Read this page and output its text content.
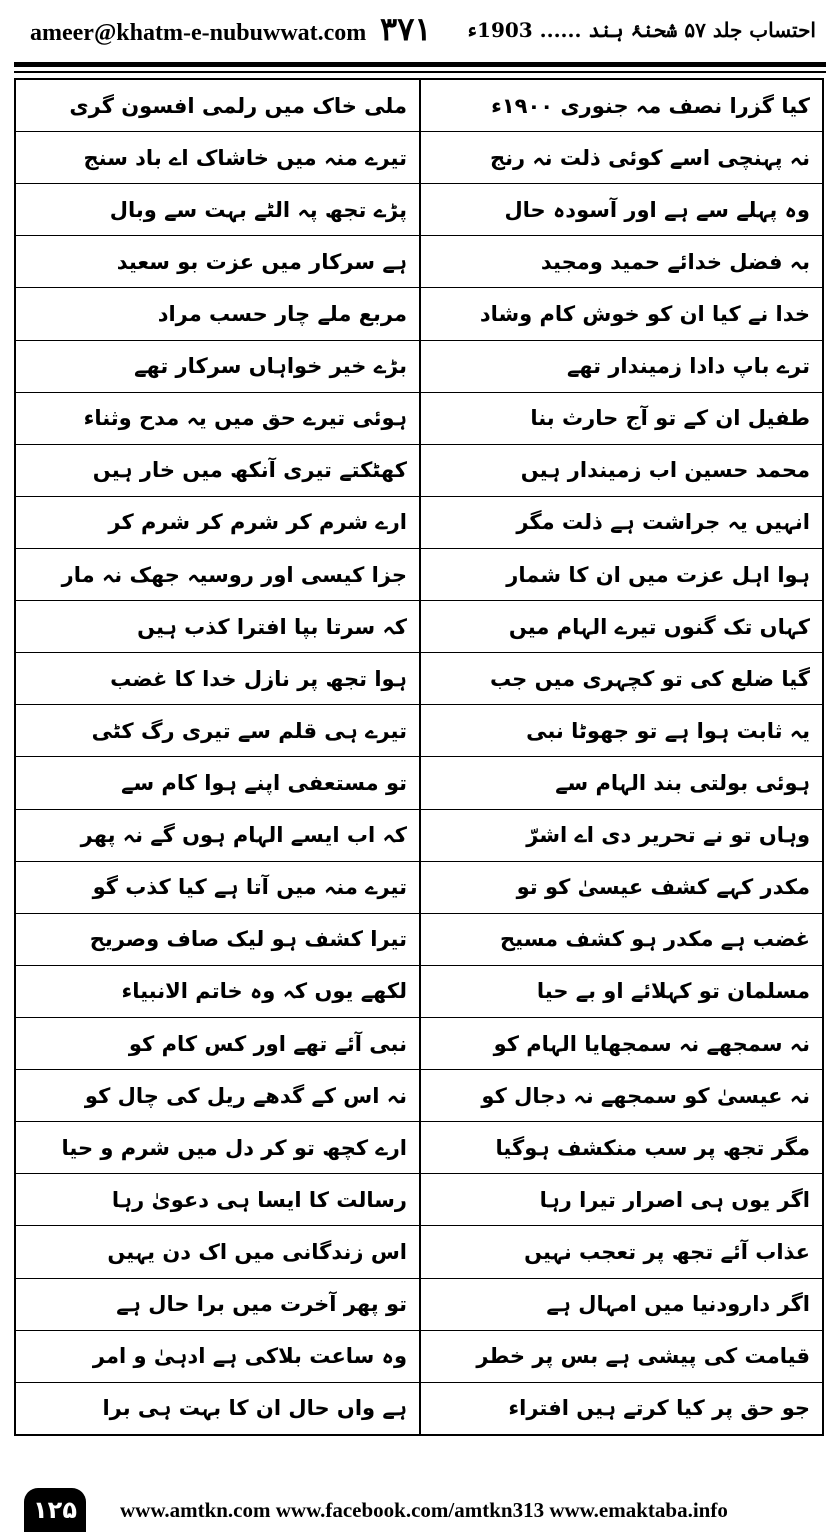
ameer@khatm-e-nubuwwat.com ۳۷۱ احتساب جلد ۵۷ شحنۂ ہند ...... 1903ء
کیا گزرا نصف مہ جنوری ۱۹۰۰ء
ملی خاک میں رلمی افسون گری
نہ پہنچی اسے کوئی ذلت نہ رنج
تیرے منہ میں خاشاک اے باد سنج
وہ پہلے سے ہے اور آسودہ حال
پڑے تجھ پہ الٹے بہت سے وبال
بہ فضل خدائے حمید ومجید
ہے سرکار میں عزت بو سعید
خدا نے کیا ان کو خوش کام وشاد
مربع ملے چار حسب مراد
ترے باپ دادا زمیندار تھے
بڑے خیر خواہاں سرکار تھے
طفیل ان کے تو آج حارث بنا
ہوئی تیرے حق میں یہ مدح وثناء
محمد حسین اب زمیندار ہیں
کھٹکتے تیری آنکھ میں خار ہیں
انہیں یہ جراشت ہے ذلت مگر
ارے شرم کر شرم کر شرم کر
ہوا اہل عزت میں ان کا شمار
جزا کیسی اور روسیہ جھک نہ مار
کہاں تک گنوں تیرے الہام میں
کہ سرتا بپا افترا کذب ہیں
گیا ضلع کی تو کچہری میں جب
ہوا تجھ پر نازل خدا کا غضب
یہ ثابت ہوا ہے تو جھوٹا نبی
تیرے ہی قلم سے تیری رگ کٹی
ہوئی بولتی بند الہام سے
تو مستعفی اپنے ہوا کام سے
وہاں تو نے تحریر دی اے اشرّ
کہ اب ایسے الہام ہوں گے نہ پھر
مکدر کہے کشف عیسیٰ کو تو
تیرے منہ میں آتا ہے کیا کذب گو
غضب ہے مکدر ہو کشف مسیح
تیرا کشف ہو لیک صاف وصریح
مسلمان تو کہلائے او بے حیا
لکھے یوں کہ وہ خاتم الانبیاء
نہ سمجھے نہ سمجھایا الہام کو
نبی آئے تھے اور کس کام کو
نہ عیسیٰ کو سمجھے نہ دجال کو
نہ اس کے گدھے ریل کی چال کو
مگر تجھ پر سب منکشف ہوگیا
ارے کچھ تو کر دل میں شرم و حیا
اگر یوں ہی اصرار تیرا رہا
رسالت کا ایسا ہی دعویٰ رہا
عذاب آئے تجھ پر تعجب نہیں
اس زندگانی میں اک دن یہیں
اگر دارودنیا میں امہال ہے
تو پھر آخرت میں برا حال ہے
قیامت کی پیشی ہے بس پر خطر
وہ ساعت بلاکی ہے ادہیٰ و امر
جو حق پر کیا کرتے ہیں افتراء
ہے واں حال ان کا بہت ہی برا
۱۲۵	www.amtkn.com www.facebook.com/amtkn313 www.emaktaba.info
